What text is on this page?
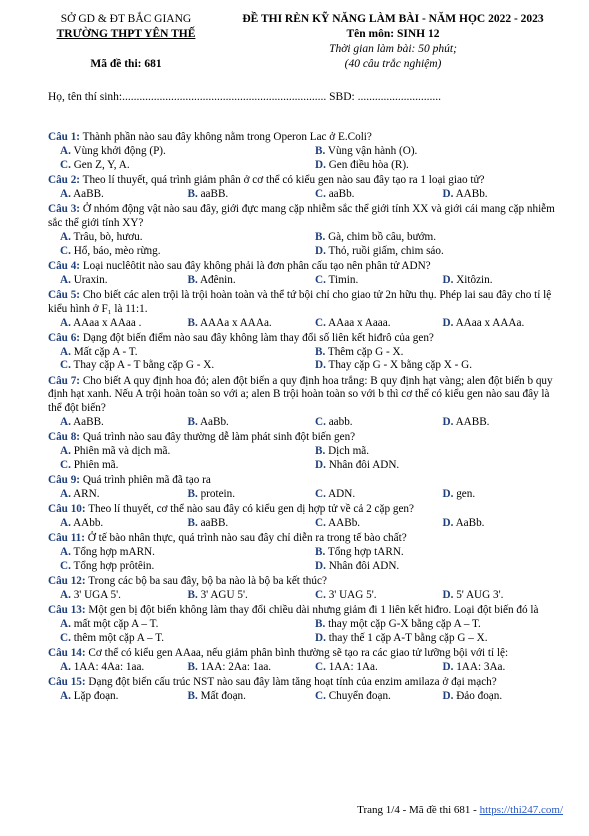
SỞ GD & ĐT BẮC GIANG
TRƯỜNG THPT YÊN THẾ
ĐỀ THI RÈN KỸ NĂNG LÀM BÀI - NĂM HỌC 2022 - 2023
Tên môn: SINH 12
Thời gian làm bài: 50 phút;
(40 câu trắc nghiệm)
Mã đề thi: 681
Họ, tên thí sinh:....................................................................... SBD: .............................
Câu 1: Thành phần nào sau đây không nằm trong Operon Lac ở E.Coli?
A. Vùng khởi động (P).	B. Vùng vận hành (O).
C. Gen Z, Y, A.	D. Gen điều hòa (R).
Câu 2: Theo lí thuyết, quá trình giảm phân ở cơ thể có kiểu gen nào sau đây tạo ra 1 loại giao tử?
A. AaBB.	B. aaBB.	C. aaBb.	D. AABb.
Câu 3: Ở nhóm động vật nào sau đây, giới đực mang cặp nhiễm sắc thể giới tính XX và giới cái mang cặp nhiễm sắc thể giới tính XY?
A. Trâu, bò, hươu.	B. Gà, chim bồ câu, bướm.
C. Hổ, báo, mèo rừng.	D. Thỏ, ruồi giấm, chim sáo.
Câu 4: Loại nuclêôtit nào sau đây không phải là đơn phân cấu tạo nên phân tử ADN?
A. Uraxin.	B. Ađênin.	C. Timin.	D. Xitôzin.
Câu 5: Cho biết các alen trội là trội hoàn toàn và thể tứ bội chỉ cho giao tử 2n hữu thụ. Phép lai sau đây cho tỉ lệ kiểu hình ở F₁ là 11:1.
A. AAaa x AAaa .	B. AAAa x AAAa.	C. AAaa x Aaaa.	D. AAaa x AAAa.
Câu 6: Dạng đột biến điểm nào sau đây không làm thay đổi số liên kết hiđrô của gen?
A. Mất cặp A - T.	B. Thêm cặp G - X.
C. Thay cặp A - T bằng cặp G - X.	D. Thay cặp G - X bằng cặp X - G.
Câu 7: Cho biết A quy định hoa đỏ; alen đột biến a quy định hoa trắng: B quy định hạt vàng; alen đột biến b quy định hạt xanh. Nếu A trội hoàn toàn so với a; alen B trội hoàn toàn so với b thì cơ thể có kiểu gen nào sau đây là thể đột biến?
A. AaBB.	B. AaBb.	C. aabb.	D. AABB.
Câu 8: Quá trình nào sau đây thường dễ làm phát sinh đột biến gen?
A. Phiên mã và dịch mã.	B. Dịch mã.
C. Phiên mã.	D. Nhân đôi ADN.
Câu 9: Quá trình phiên mã đã tạo ra
A. ARN.	B. protein.	C. ADN.	D. gen.
Câu 10: Theo lí thuyết, cơ thể nào sau đây có kiểu gen dị hợp tử về cả 2 cặp gen?
A. AAbb.	B. aaBB.	C. AABb.	D. AaBb.
Câu 11: Ở tế bào nhân thực, quá trình nào sau đây chỉ diễn ra trong tế bào chất?
A. Tổng hợp mARN.	B. Tổng hợp tARN.
C. Tổng hợp prôtêin.	D. Nhân đôi ADN.
Câu 12: Trong các bộ ba sau đây, bộ ba nào là bộ ba kết thúc?
A. 3' UGA 5'.	B. 3' AGU 5'.	C. 3' UAG 5'.	D. 5' AUG 3'.
Câu 13: Một gen bị đột biến không làm thay đổi chiều dài nhưng giảm đi 1 liên kết hiđro. Loại đột biến đó là
A. mất một cặp A – T.	B. thay một cặp G-X bằng cặp A – T.
C. thêm một cặp A – T.	D. thay thế 1 cặp A-T bằng cặp G – X.
Câu 14: Cơ thể có kiểu gen AAaa, nếu giảm phân bình thường sẽ tạo ra các giao tử lưỡng bội với tỉ lệ:
A. 1AA: 4Aa: 1aa.	B. 1AA: 2Aa: 1aa.	C. 1AA: 1Aa.	D. 1AA: 3Aa.
Câu 15: Dạng đột biến cấu trúc NST nào sau đây làm tăng hoạt tính của enzim amilaza ở đại mạch?
A. Lặp đoạn.	B. Mất đoạn.	C. Chuyển đoạn.	D. Đảo đoạn.
Trang 1/4 - Mã đề thi 681 - https://thi247.com/
